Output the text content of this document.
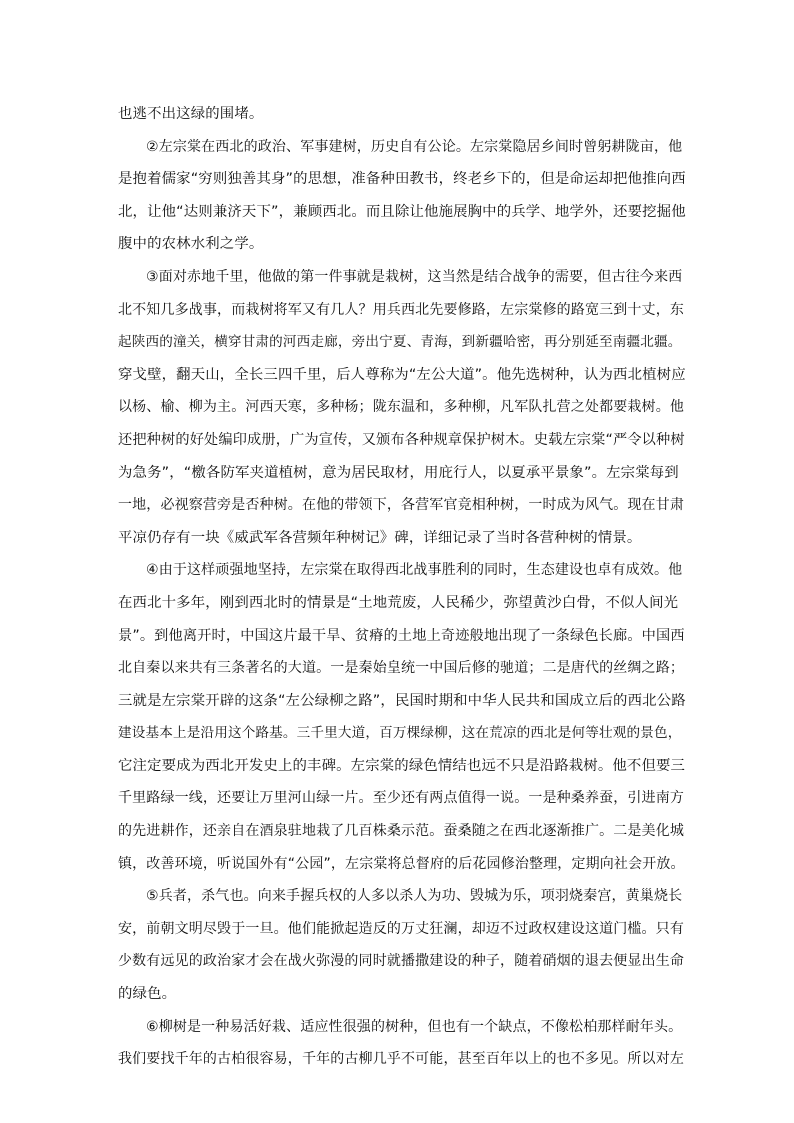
也逃不出这绿的围堵。
②左宗棠在西北的政治、军事建树，历史自有公论。左宗棠隐居乡间时曾躬耕陇亩，他
是抱着儒家“穷则独善其身”的思想，准备种田教书，终老乡下的，但是命运却把他推向西
北，让他“达则兼济天下”，兼顾西北。而且除让他施展胸中的兵学、地学外，还要挖掘他
腹中的农林水利之学。
③面对赤地千里，他做的第一件事就是栽树，这当然是结合战争的需要，但古往今来西
北不知几多战事，而栽树将军又有几人？用兵西北先要修路，左宗棠修的路宽三到十丈，东
起陕西的潼关，横穿甘肃的河西走廊，旁出宁夏、青海，到新疆哈密，再分别延至南疆北疆。
穿戈壁，翻天山，全长三四千里，后人尊称为“左公大道”。他先选树种，认为西北植树应
以杨、榆、柳为主。河西天寒，多种杨；陇东温和，多种柳，凡军队扎营之处都要栽树。他
还把种树的好处编印成册，广为宣传，又颁布各种规章保护树木。史载左宗棠“严令以种树
为急务”，“檄各防军夹道植树，意为居民取材，用庇行人，以夏承平景象”。左宗棠每到
一地，必视察营旁是否种树。在他的带领下，各营军官竞相种树，一时成为风气。现在甘肃
平凉仍存有一块《威武军各营频年种树记》碑，详细记录了当时各营种树的情景。
④由于这样顽强地坚持，左宗棠在取得西北战事胜利的同时，生态建设也卓有成效。他
在西北十多年，刚到西北时的情景是“土地荒废，人民稀少，弥望黄沙白骨，不似人间光
景”。到他离开时，中国这片最干旱、贫瘠的土地上奇迹般地出现了一条绿色长廊。中国西
北自秦以来共有三条著名的大道。一是秦始皇统一中国后修的驰道；二是唐代的丝绸之路；
三就是左宗棠开辟的这条“左公绿柳之路”，民国时期和中华人民共和国成立后的西北公路
建设基本上是沿用这个路基。三千里大道，百万棵绿柳，这在荒凉的西北是何等壮观的景色，
它注定要成为西北开发史上的丰碑。左宗棠的绿色情结也远不只是沿路栽树。他不但要三
千里路绿一线，还要让万里河山绿一片。至少还有两点值得一说。一是种桑养蚕，引进南方
的先进耕作，还亲自在酒泉驻地栽了几百株桑示范。蚕桑随之在西北逐渐推广。二是美化城
镇，改善环境，听说国外有“公园”，左宗棠将总督府的后花园修治整理，定期向社会开放。
⑤兵者，杀气也。向来手握兵权的人多以杀人为功、毁城为乐，项羽烧秦宫，黄巢烧长
安，前朝文明尽毁于一旦。他们能掀起造反的万丈狂澜，却迈不过政权建设这道门槛。只有
少数有远见的政治家才会在战火弥漫的同时就播撒建设的种子，随着硝烟的退去便显出生命
的绿色。
⑥柳树是一种易活好栽、适应性很强的树种，但也有一个缺点，不像松柏那样耐年头。
我们要找千年的古柏很容易，千年的古柳几乎不可能，甚至百年以上的也不多见。所以对左
